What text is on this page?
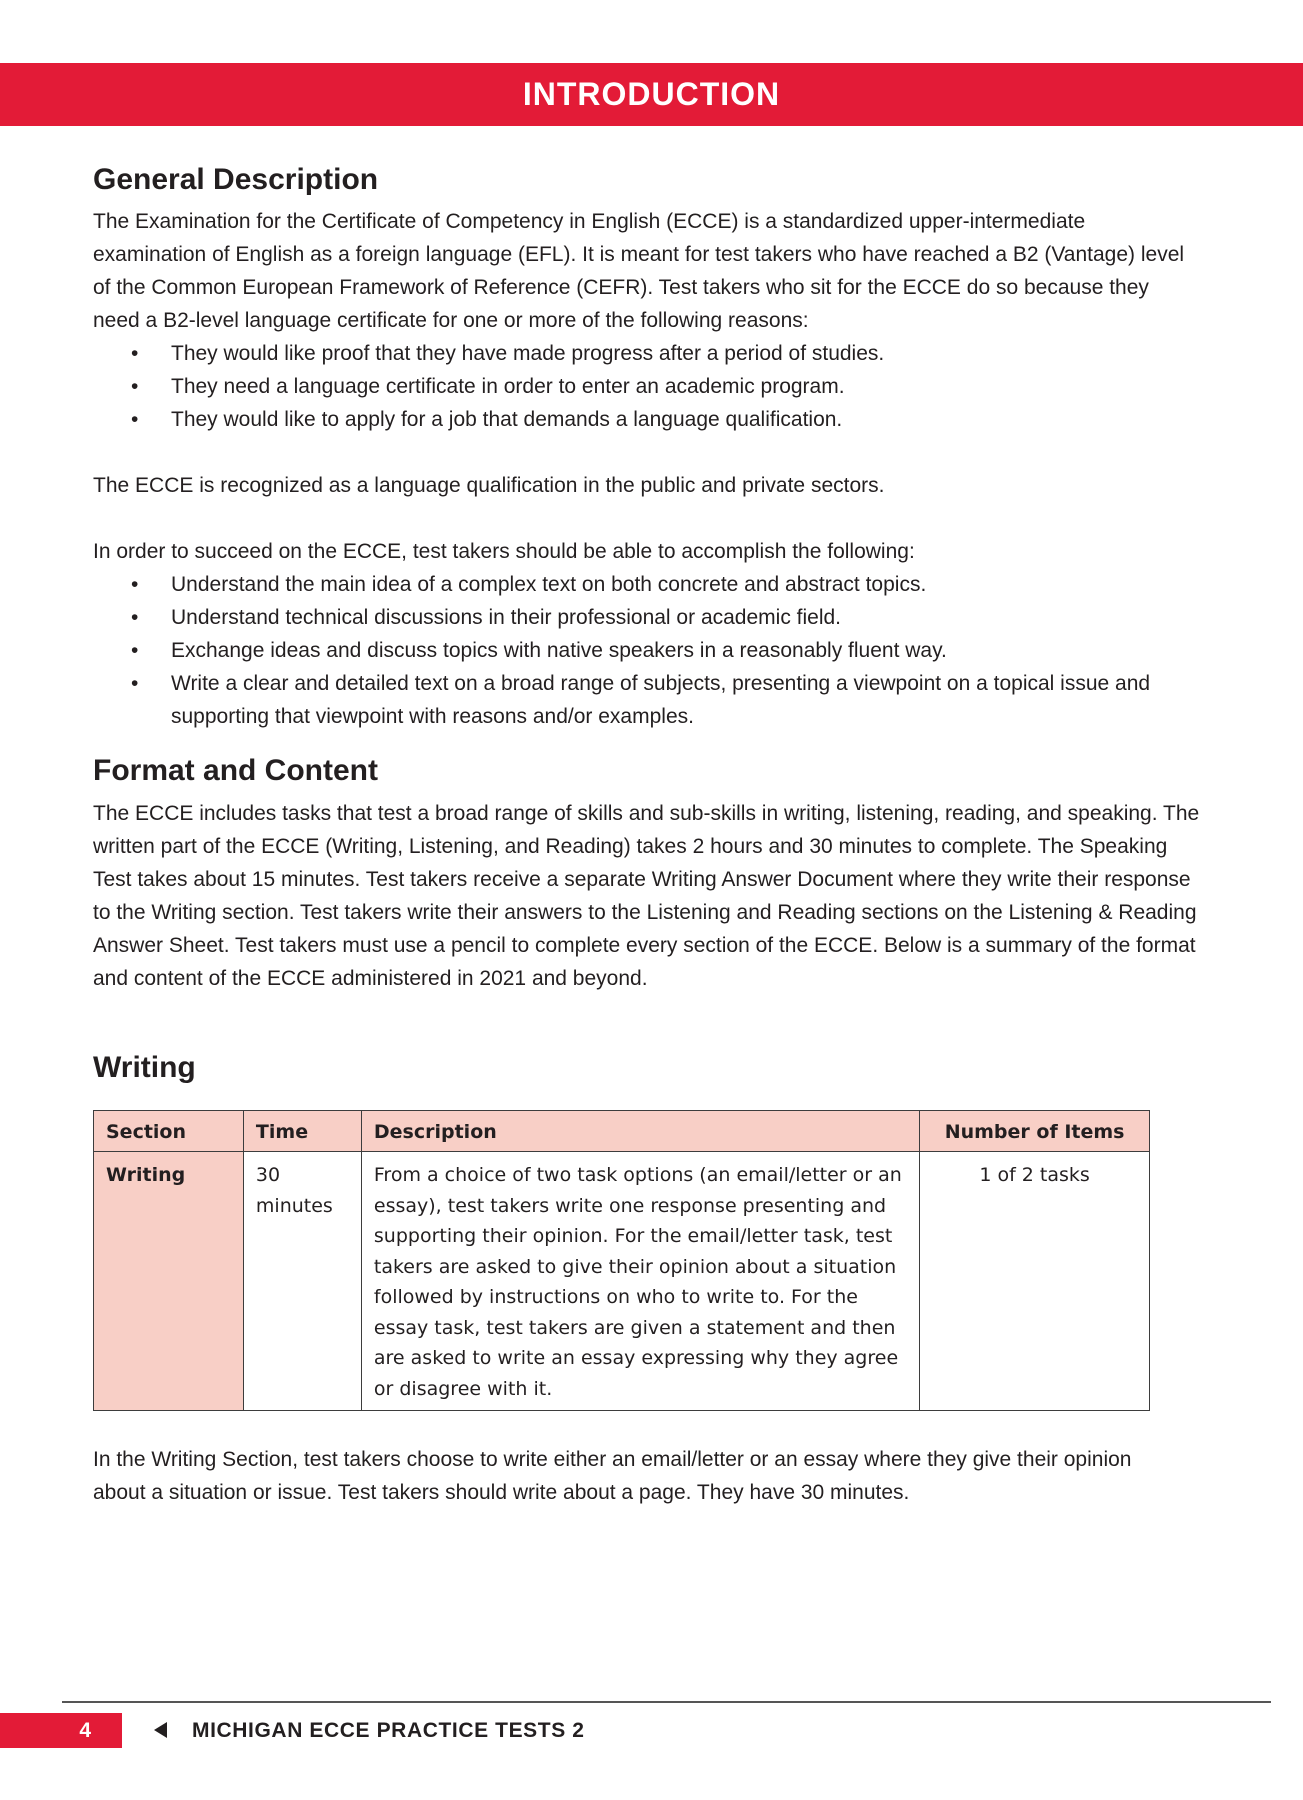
INTRODUCTION
General Description

The Examination for the Certificate of Competency in English (ECCE) is a standardized upper-intermediate examination of English as a foreign language (EFL). It is meant for test takers who have reached a B2 (Vantage) level of the Common European Framework of Reference (CEFR). Test takers who sit for the ECCE do so because they need a B2-level language certificate for one or more of the following reasons:

• They would like proof that they have made progress after a period of studies.
• They need a language certificate in order to enter an academic program.
• They would like to apply for a job that demands a language qualification.

The ECCE is recognized as a language qualification in the public and private sectors.

In order to succeed on the ECCE, test takers should be able to accomplish the following:

• Understand the main idea of a complex text on both concrete and abstract topics.
• Understand technical discussions in their professional or academic field.
• Exchange ideas and discuss topics with native speakers in a reasonably fluent way.
• Write a clear and detailed text on a broad range of subjects, presenting a viewpoint on a topical issue and supporting that viewpoint with reasons and/or examples.
Format and Content

The ECCE includes tasks that test a broad range of skills and sub-skills in writing, listening, reading, and speaking. The written part of the ECCE (Writing, Listening, and Reading) takes 2 hours and 30 minutes to complete. The Speaking Test takes about 15 minutes. Test takers receive a separate Writing Answer Document where they write their response to the Writing section. Test takers write their answers to the Listening and Reading sections on the Listening & Reading Answer Sheet. Test takers must use a pencil to complete every section of the ECCE. Below is a summary of the format and content of the ECCE administered in 2021 and beyond.

Writing
Section	Time	Description	Number of Items
Writing	30 minutes	From a choice of two task options (an email/letter or an essay), test takers write one response presenting and supporting their opinion. For the email/letter task, test takers are asked to give their opinion about a situation followed by instructions on who to write to. For the essay task, test takers are given a statement and then are asked to write an essay expressing why they agree or disagree with it.	1 of 2 tasks

In the Writing Section, test takers choose to write either an email/letter or an essay where they give their opinion about a situation or issue. Test takers should write about a page. They have 30 minutes.

4	MICHIGAN ECCE PRACTICE TESTS 2
